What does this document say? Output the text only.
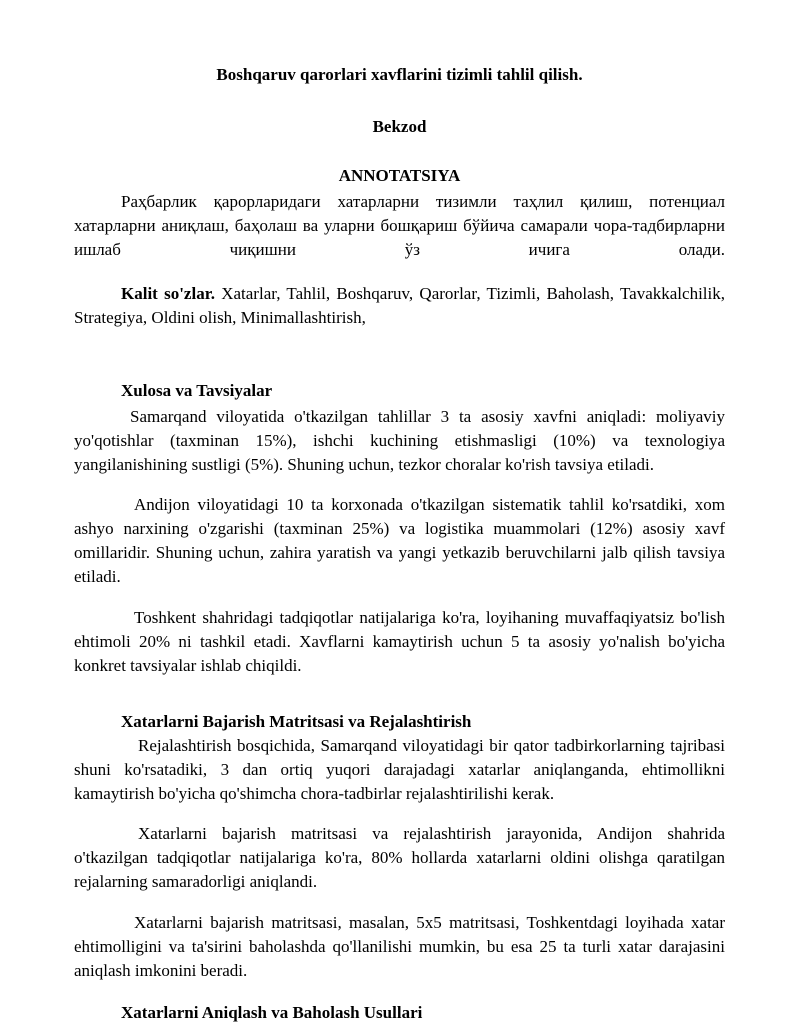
Boshqaruv qarorlari xavflarini tizimli tahlil qilish.
Bekzod
ANNOTATSIYA

Раҳбарлик қарорларидаги хатарларни тизимли таҳлил қилиш, потенциал хатарларни аниқлаш, баҳолаш ва уларни бошқариш бўйича самарали чора-тадбирларни ишлаб чиқишни ўз ичига олади.

Kalit so'zlar. Xatarlar, Tahlil, Boshqaruv, Qarorlar, Tizimli, Baholash, Tavakkalchilik, Strategiya, Oldini olish, Minimallashtirish,

Xulosa va Tavsiyalar

Samarqand viloyatida o'tkazilgan tahlillar 3 ta asosiy xavfni aniqladi: moliyaviy yo'qotishlar (taxminan 15%), ishchi kuchining etishmasligi (10%) va texnologiya yangilanishining sustligi (5%). Shuning uchun, tezkor choralar ko'rish tavsiya etiladi.

Andijon viloyatidagi 10 ta korxonada o'tkazilgan sistematik tahlil ko'rsatdiki, xom ashyo narxining o'zgarishi (taxminan 25%) va logistika muammolari (12%) asosiy xavf omillaridir. Shuning uchun, zahira yaratish va yangi yetkazib beruvchilarni jalb qilish tavsiya etiladi.

Toshkent shahridagi tadqiqotlar natijalariga ko'ra, loyihaning muvaffaqiyatsiz bo'lish ehtimoli 20% ni tashkil etadi. Xavflarni kamaytirish uchun 5 ta asosiy yo'nalish bo'yicha konkret tavsiyalar ishlab chiqildi.

Xatarlarni Bajarish Matritsasi va Rejalashtirish

Rejalashtirish bosqichida, Samarqand viloyatidagi bir qator tadbirkorlarning tajribasi shuni ko'rsatadiki, 3 dan ortiq yuqori darajadagi xatarlar aniqlanganda, ehtimollikni kamaytirish bo'yicha qo'shimcha chora-tadbirlar rejalashtirilishi kerak.

Xatarlarni bajarish matritsasi va rejalashtirish jarayonida, Andijon shahrida o'tkazilgan tadqiqotlar natijalariga ko'ra, 80% hollarda xatarlarni oldini olishga qaratilgan rejalarning samaradorligi aniqlandi.

Xatarlarni bajarish matritsasi, masalan, 5x5 matritsasi, Toshkentdagi loyihada xatar ehtimolligini va ta'sirini baholashda qo'llanilishi mumkin, bu esa 25 ta turli xatar darajasini aniqlash imkonini beradi.

Xatarlarni Aniqlash va Baholash Usullari
